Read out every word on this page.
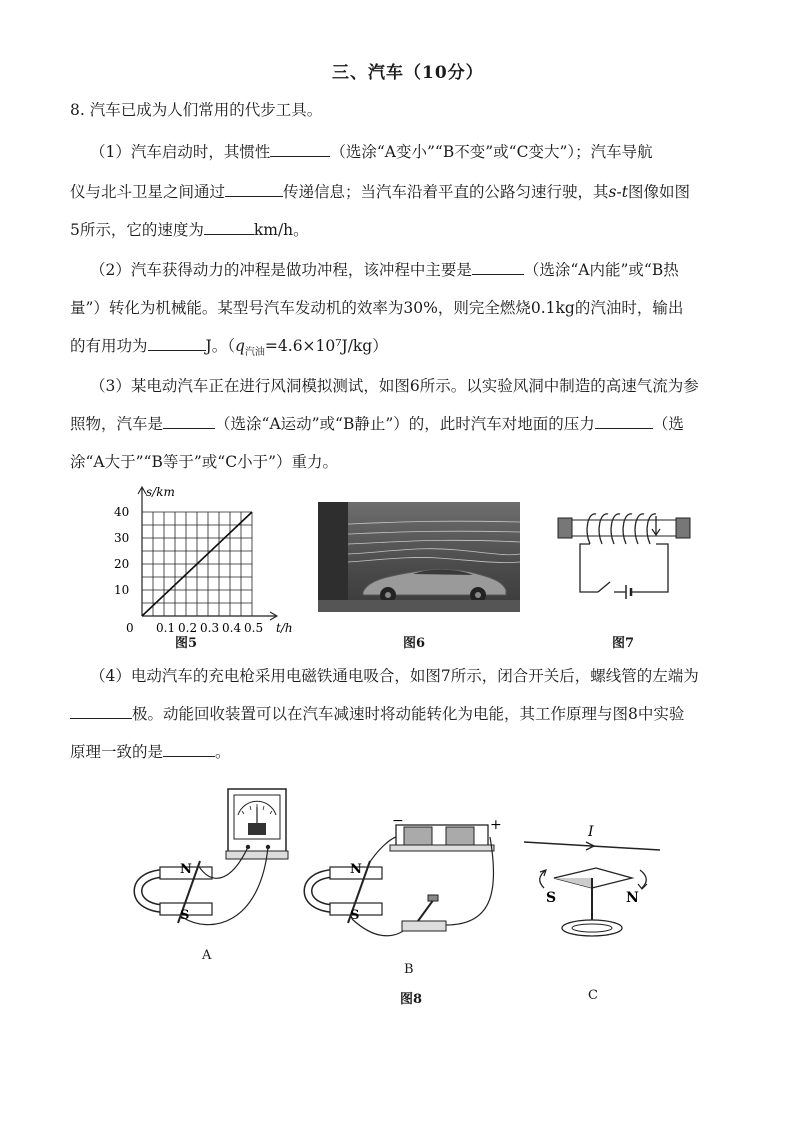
三、汽车（10分）
8. 汽车已成为人们常用的代步工具。
（1）汽车启动时，其惯性	（选涂“A变小”“B不变”或“C变大”）；汽车导航
仪与北斗卫星之间通过	传递信息；当汽车沿着平直的公路匀速行驶，其s-t图像如图
5所示，它的速度为	km/h。
（2）汽车获得动力的冲程是做功冲程，该冲程中主要是	（选涂“A内能”或“B热
量”）转化为机械能。某型号汽车发动机的效率为30%，则完全燃烧0.1kg的汽油时，输出
的有用功为	J。$(q_{汽油}=4.6\times 10^7J/kg)$
（3）某电动汽车正在进行风洞模拟测试，如图6所示。以实验风洞中制造的高速气流为参
照物，汽车是	（选涂“A运动”或“B静止”）的，此时汽车对地面的压力	（选
涂“A大于”“B等于”或“C小于”）重力。
0.1 0.2 0.3 0.4 0.5
10
20
30
40
s/km
t/h
0
图5	图6	图7
（4）电动汽车的充电枪采用电磁铁通电吸合，如图7所示，闭合开关后，螺线管的左端为
极。动能回收装置可以在汽车减速时将动能转化为电能，其工作原理与图8中实验
原理一致的是	。
N
S
A
−	+
N
S
B
图8
I
S	N
C
